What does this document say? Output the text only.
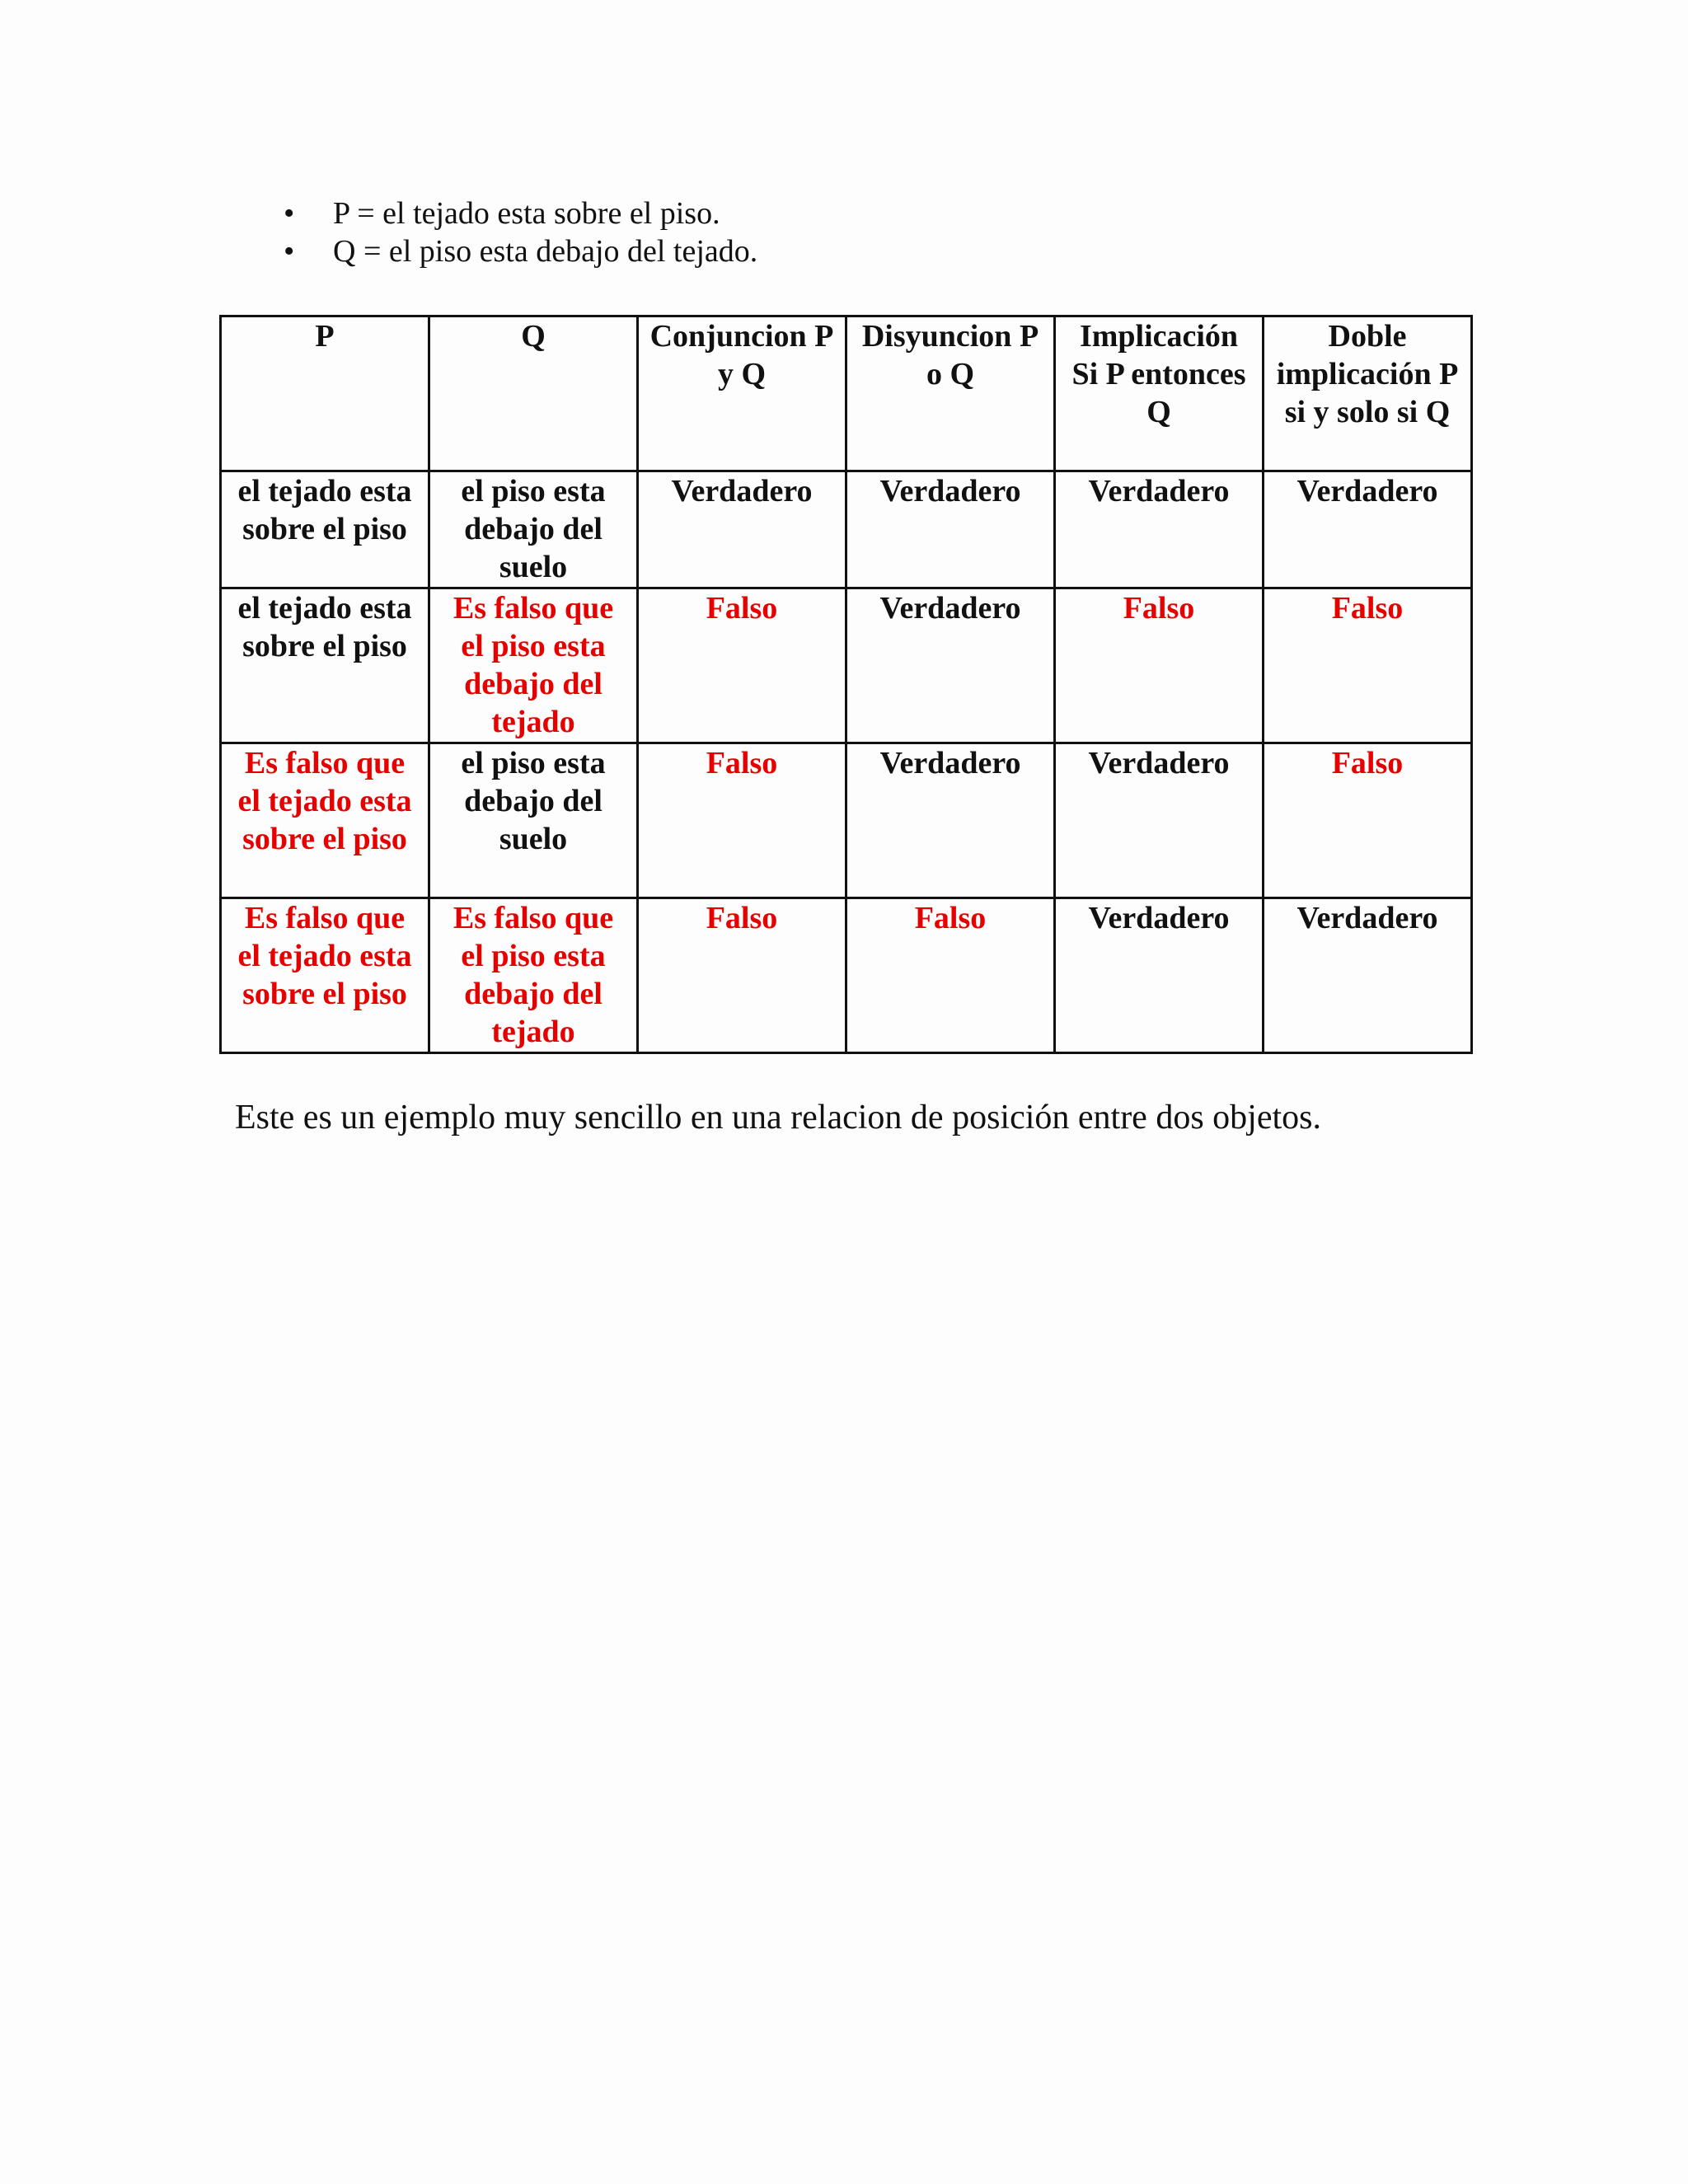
• P = el tejado esta sobre el piso.
• Q = el piso esta debajo del tejado.
P	Q	Conjuncion P y Q	Disyuncion P o Q	Implicación Si P entonces Q	Doble implicación P si y solo si Q
el tejado esta sobre el piso	el piso esta debajo del suelo	Verdadero	Verdadero	Verdadero	Verdadero
el tejado esta sobre el piso	Es falso que el piso esta debajo del tejado	Falso	Verdadero	Falso	Falso
Es falso que el tejado esta sobre el piso	el piso esta debajo del suelo	Falso	Verdadero	Verdadero	Falso
Es falso que el tejado esta sobre el piso	Es falso que el piso esta debajo del tejado	Falso	Falso	Verdadero	Verdadero

Este es un ejemplo muy sencillo en una relacion de posición entre dos objetos.
